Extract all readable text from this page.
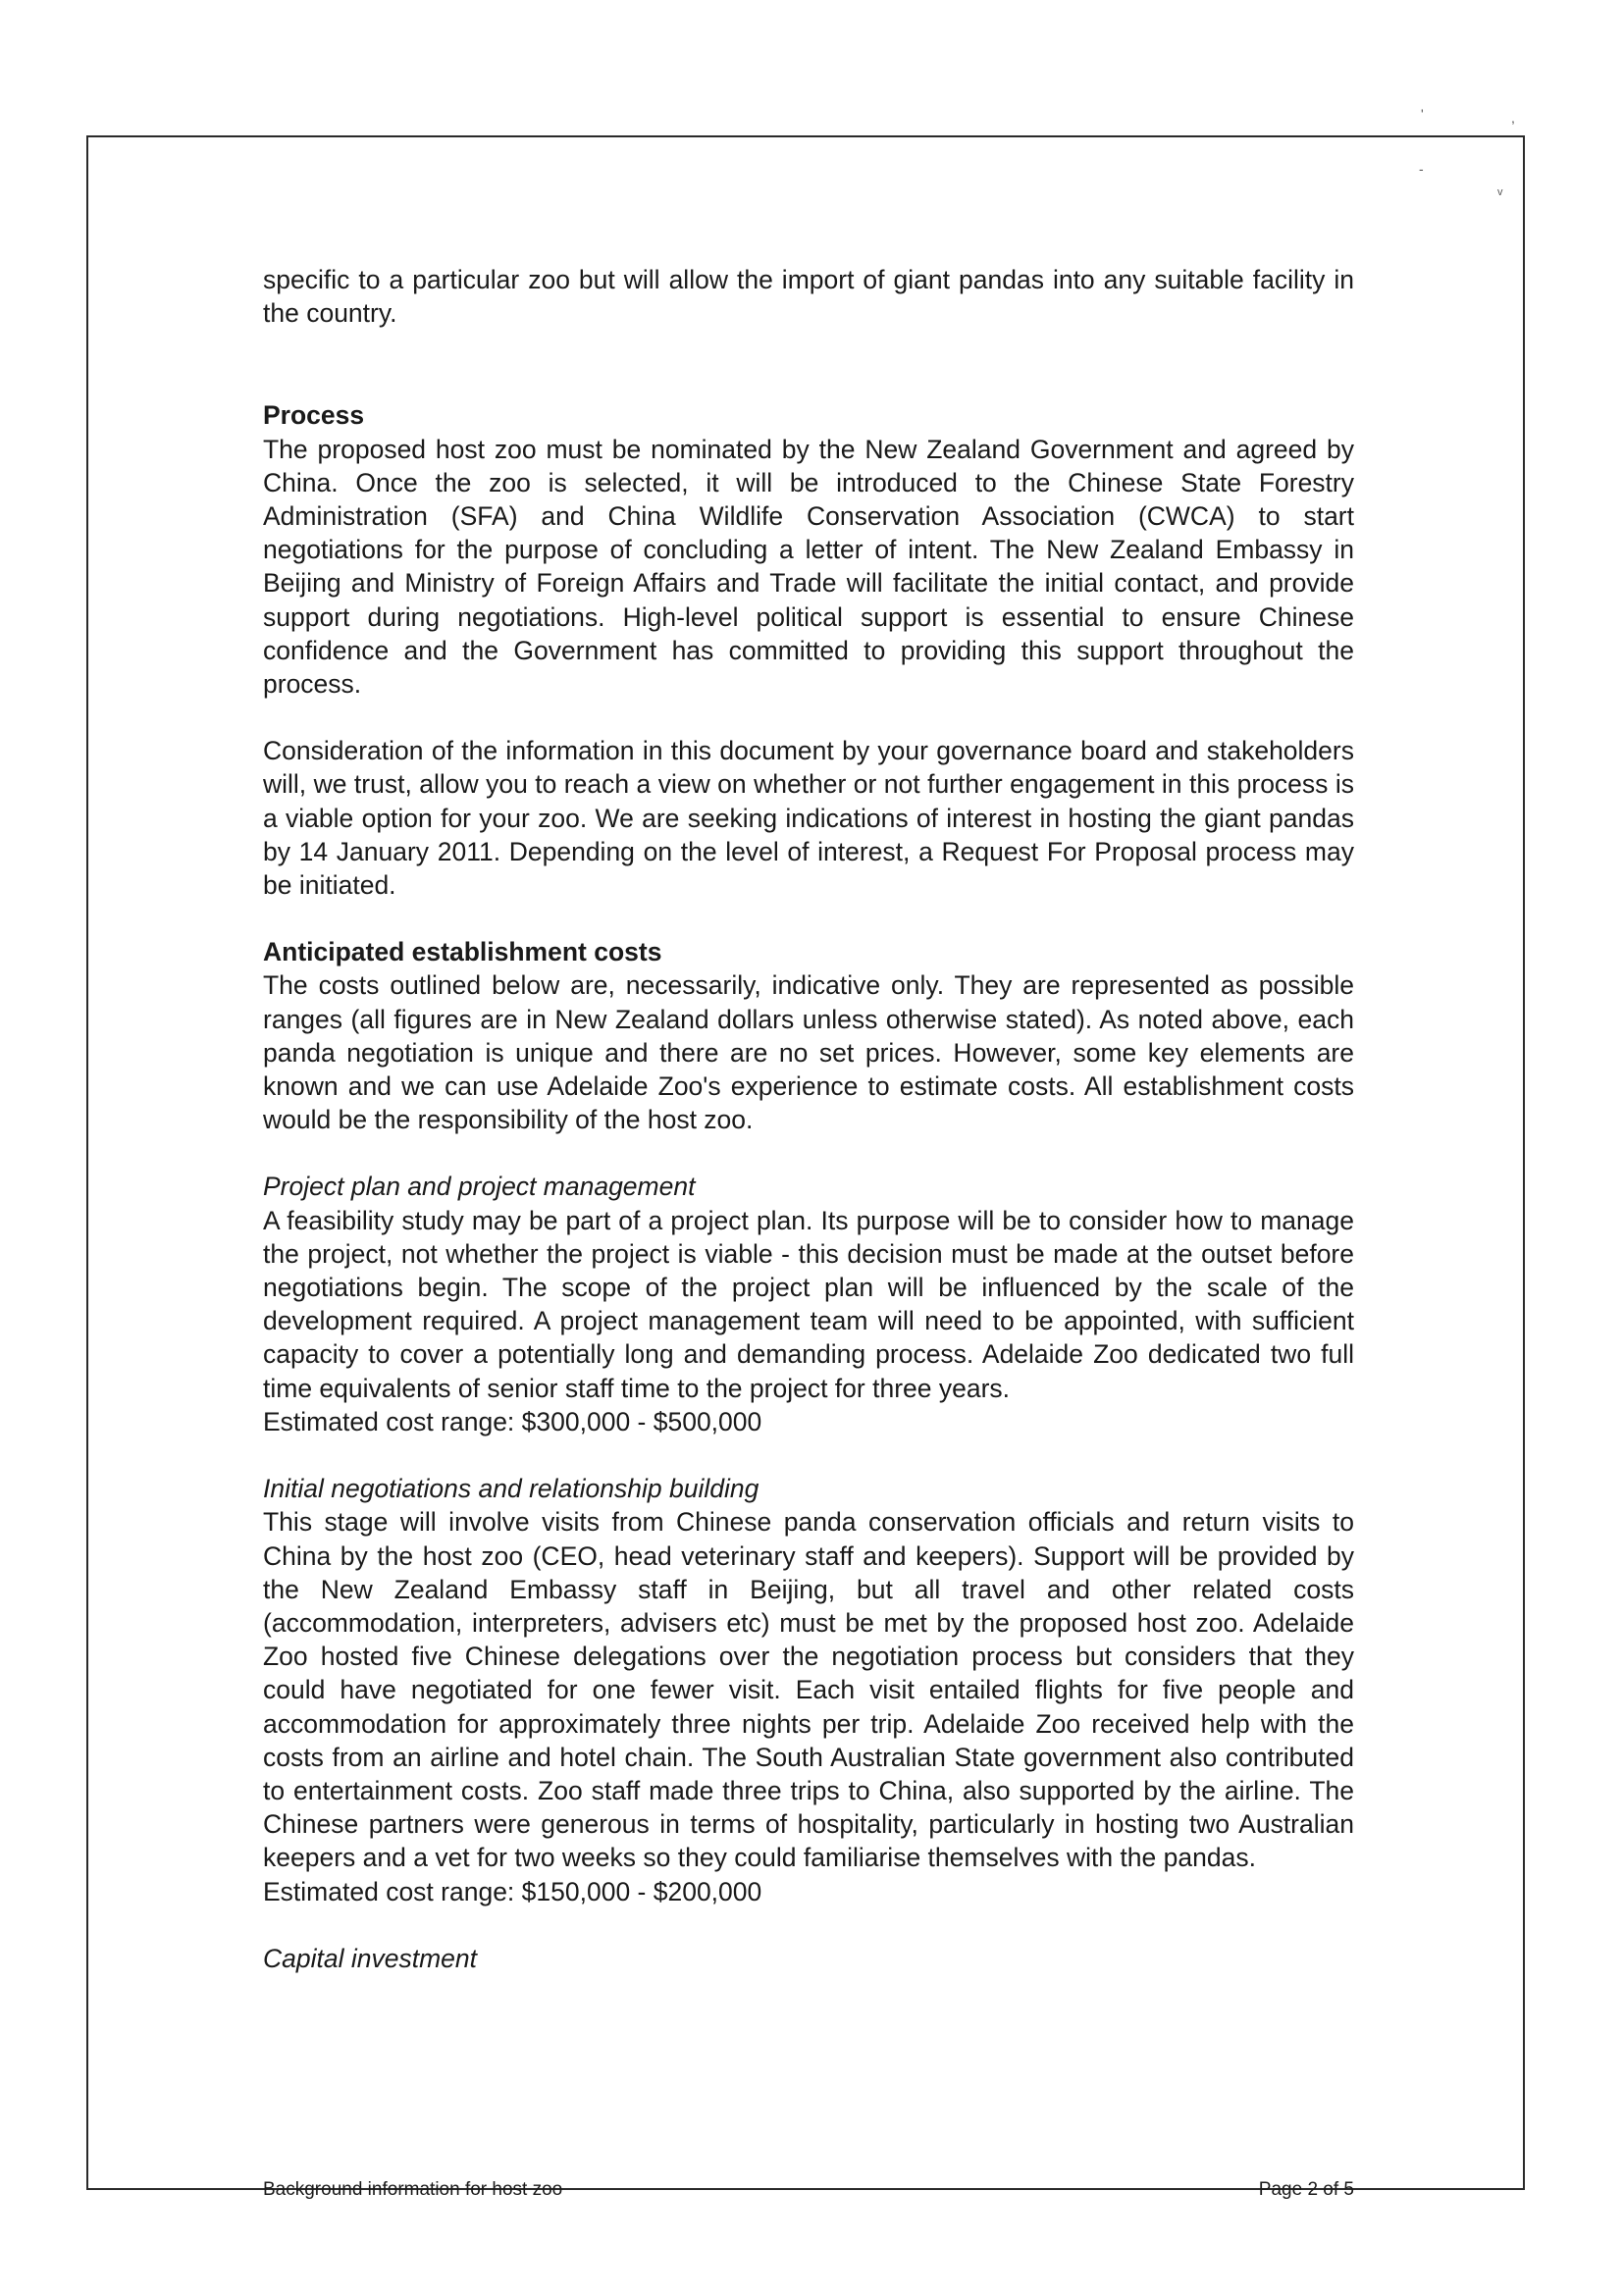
'	,
-
v

specific to a particular zoo but will allow the import of giant pandas into any suitable facility in the country.

Process

The proposed host zoo must be nominated by the New Zealand Government and agreed by China. Once the zoo is selected, it will be introduced to the Chinese State Forestry Administration (SFA) and China Wildlife Conservation Association (CWCA) to start negotiations for the purpose of concluding a letter of intent. The New Zealand Embassy in Beijing and Ministry of Foreign Affairs and Trade will facilitate the initial contact, and provide support during negotiations. High-level political support is essential to ensure Chinese confidence and the Government has committed to providing this support throughout the process.

Consideration of the information in this document by your governance board and stakeholders will, we trust, allow you to reach a view on whether or not further engagement in this process is a viable option for your zoo. We are seeking indications of interest in hosting the giant pandas by 14 January 2011. Depending on the level of interest, a Request For Proposal process may be initiated.

Anticipated establishment costs

The costs outlined below are, necessarily, indicative only. They are represented as possible ranges (all figures are in New Zealand dollars unless otherwise stated). As noted above, each panda negotiation is unique and there are no set prices. However, some key elements are known and we can use Adelaide Zoo's experience to estimate costs. All establishment costs would be the responsibility of the host zoo.

Project plan and project management

A feasibility study may be part of a project plan. Its purpose will be to consider how to manage the project, not whether the project is viable - this decision must be made at the outset before negotiations begin. The scope of the project plan will be influenced by the scale of the development required. A project management team will need to be appointed, with sufficient capacity to cover a potentially long and demanding process. Adelaide Zoo dedicated two full time equivalents of senior staff time to the project for three years.

Estimated cost range: $300,000 - $500,000

Initial negotiations and relationship building

This stage will involve visits from Chinese panda conservation officials and return visits to China by the host zoo (CEO, head veterinary staff and keepers). Support will be provided by the New Zealand Embassy staff in Beijing, but all travel and other related costs (accommodation, interpreters, advisers etc) must be met by the proposed host zoo. Adelaide Zoo hosted five Chinese delegations over the negotiation process but considers that they could have negotiated for one fewer visit. Each visit entailed flights for five people and accommodation for approximately three nights per trip. Adelaide Zoo received help with the costs from an airline and hotel chain. The South Australian State government also contributed to entertainment costs. Zoo staff made three trips to China, also supported by the airline. The Chinese partners were generous in terms of hospitality, particularly in hosting two Australian keepers and a vet for two weeks so they could familiarise themselves with the pandas.

Estimated cost range: $150,000 - $200,000

Capital investment

Background information for host zoo	Page 2 of 5
